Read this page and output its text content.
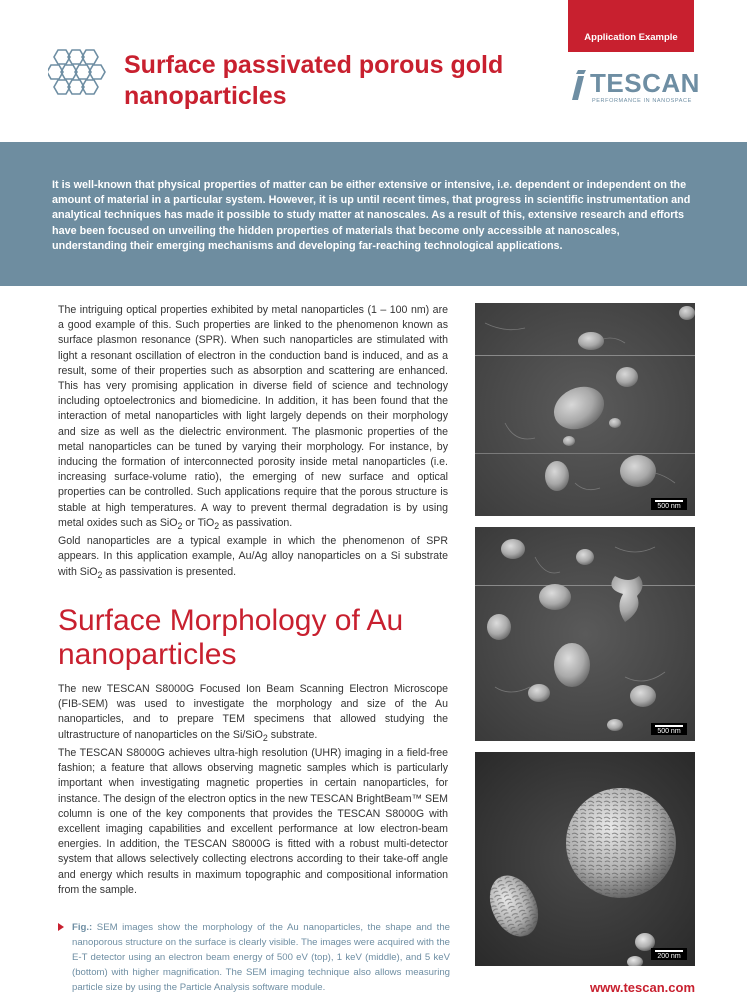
Application Example
Surface passivated porous gold nanoparticles	TESCAN
PERFORMANCE IN NANOSPACE

It is well-known that physical properties of matter can be either extensive or intensive, i.e. dependent or independent on the amount of material in a particular system. However, it is up until recent times, that progress in scientific instrumentation and analytical techniques has made it possible to study matter at nanoscales. As a result of this, extensive research and efforts have been focused on unveiling the hidden properties of materials that become only accessible at nanoscales, understanding their emerging mechanisms and developing far-reaching technological applications.

The intriguing optical properties exhibited by metal nanoparticles (1 – 100 nm) are a good example of this. Such properties are linked to the phenomenon known as surface plasmon resonance (SPR). When such nanoparticles are stimulated with light a resonant oscillation of electron in the conduction band is induced, and as a result, some of their properties such as absorption and scattering are enhanced. This has very promising application in diverse field of science and technology including optoelectronics and biomedicine. In addition, it has been found that the interaction of metal nanoparticles with light largely depends on their morphology and size as well as the dielectric environment. The plasmonic properties of the metal nanoparticles can be tuned by varying their morphology. For instance, by inducing the formation of interconnected porosity inside metal nanoparticles (i.e. increasing surface-volume ratio), the emerging of new surface and optical properties can be controlled. Such applications require that the porous structure is stable at high temperatures. A way to prevent thermal degradation is by using metal oxides such as SiO$_2$ or TiO$_2$ as passivation.

Gold nanoparticles are a typical example in which the phenomenon of SPR appears. In this application example, Au/Ag alloy nanoparticles on a Si substrate with SiO$_2$ as passivation is presented.

Surface Morphology of Au nanoparticles

The new TESCAN S8000G Focused Ion Beam Scanning Electron Microscope (FIB-SEM) was used to investigate the morphology and size of the Au nanoparticles, and to prepare TEM specimens that allowed studying the ultrastructure of nanoparticles on the Si/SiO$_2$ substrate.

The TESCAN S8000G achieves ultra-high resolution (UHR) imaging in a field-free fashion; a feature that allows observing magnetic samples which is particularly important when investigating magnetic properties in certain nanoparticles, for instance. The design of the electron optics in the new TESCAN BrightBeam™ SEM column is one of the key components that provides the TESCAN S8000G with excellent imaging capabilities and excellent performance at low electron-beam energies. In addition, the TESCAN S8000G is fitted with a robust multi-detector system that allows selectively collecting electrons according to their take-off angle and energy which results in maximum topographic and compositional information from the sample.

Fig.: SEM images show the morphology of the Au nanoparticles, the shape and the nanoporous structure on the surface is clearly visible. The images were acquired with the E-T detector using an electron beam energy of 500 eV (top), 1 keV (middle), and 5 keV (bottom) with higher magnification. The SEM imaging technique also allows measuring particle size by using the Particle Analysis software module.

500 nm
500 nm
200 nm
www.tescan.com
